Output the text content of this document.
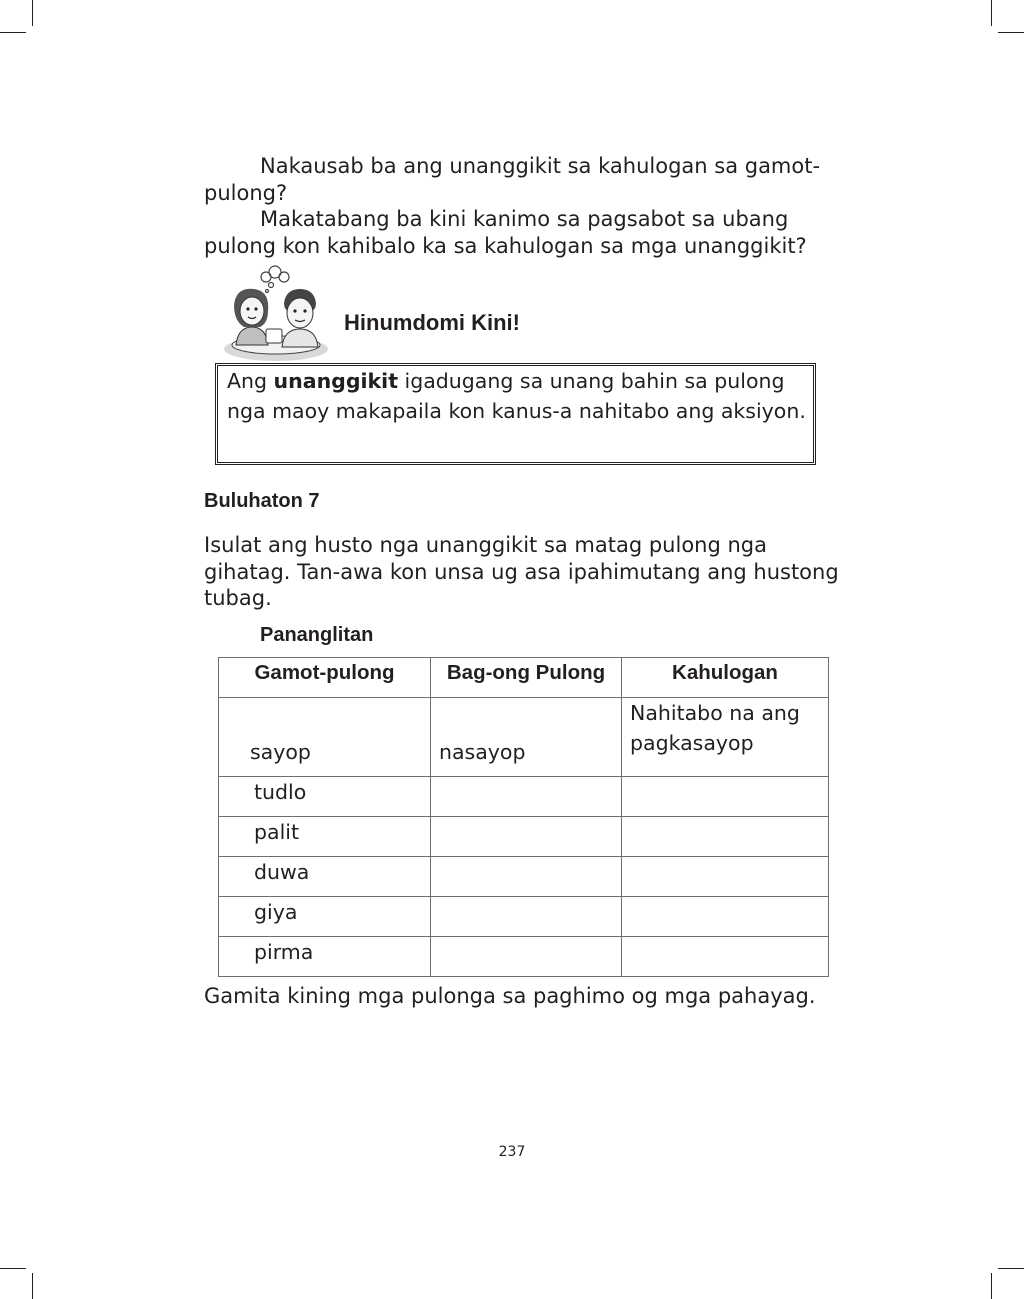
Nakausab ba ang unanggikit sa kahulogan sa gamot-pulong?

Makatabang ba kini kanimo sa pagsabot sa ubang pulong kon kahibalo ka sa kahulogan sa mga unanggikit?

Hinumdomi Kini!
Ang unanggikit igadugang sa unang bahin sa pulong nga maoy makapaila kon kanus-a nahitabo ang aksiyon.
Buluhaton 7

Isulat ang husto nga unanggikit sa matag pulong nga gihatag. Tan-awa kon unsa ug asa ipahimutang ang hustong tubag.

Pananglitan
Gamot-pulong	Bag-ong Pulong	Kahulogan
sayop	nasayop	Nahitabo na ang
pagkasayop

tudlo		
palit		
duwa		
giya		
pirma		

Gamita kining mga pulonga sa paghimo og mga pahayag.

237
